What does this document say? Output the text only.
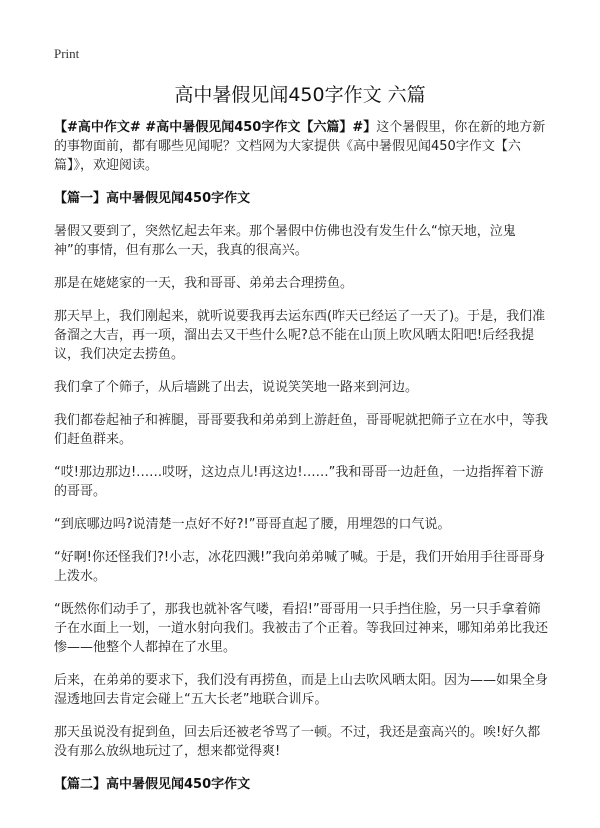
Print
高中暑假见闻450字作文 六篇

【#高中作文# #高中暑假见闻450字作文【六篇】#】这个暑假里，你在新的地方新的事物面前，都有哪些见闻呢？文档网为大家提供《高中暑假见闻450字作文【六篇】》，欢迎阅读。

【篇一】高中暑假见闻450字作文

暑假又要到了，突然忆起去年来。那个暑假中仿佛也没有发生什么“惊天地，泣鬼神”的事情，但有那么一天，我真的很高兴。

那是在姥姥家的一天，我和哥哥、弟弟去合理捞鱼。

那天早上，我们刚起来，就听说要我再去运东西(昨天已经运了一天了)。于是，我们准备溜之大吉，再一项，溜出去又干些什么呢?总不能在山顶上吹风晒太阳吧!后经我提议，我们决定去捞鱼。

我们拿了个筛子，从后墙跳了出去，说说笑笑地一路来到河边。

我们都卷起袖子和裤腿，哥哥要我和弟弟到上游赶鱼，哥哥呢就把筛子立在水中，等我们赶鱼群来。

“哎!那边那边!……哎呀，这边点儿!再这边!……”我和哥哥一边赶鱼，一边指挥着下游的哥哥。

“到底哪边吗?说清楚一点好不好?!”哥哥直起了腰，用埋怨的口气说。

“好啊!你还怪我们?!小志，冰花四溅!”我向弟弟喊了喊。于是，我们开始用手往哥哥身上泼水。

“既然你们动手了，那我也就补客气喽，看招!”哥哥用一只手挡住脸，另一只手拿着筛子在水面上一划，一道水射向我们。我被击了个正着。等我回过神来，哪知弟弟比我还惨——他整个人都掉在了水里。

后来，在弟弟的要求下，我们没有再捞鱼，而是上山去吹风晒太阳。因为——如果全身湿透地回去肯定会碰上“五大长老”地联合训斥。

那天虽说没有捉到鱼，回去后还被老爷骂了一顿。不过，我还是蛮高兴的。唉!好久都没有那么放纵地玩过了，想来都觉得爽!

【篇二】高中暑假见闻450字作文
